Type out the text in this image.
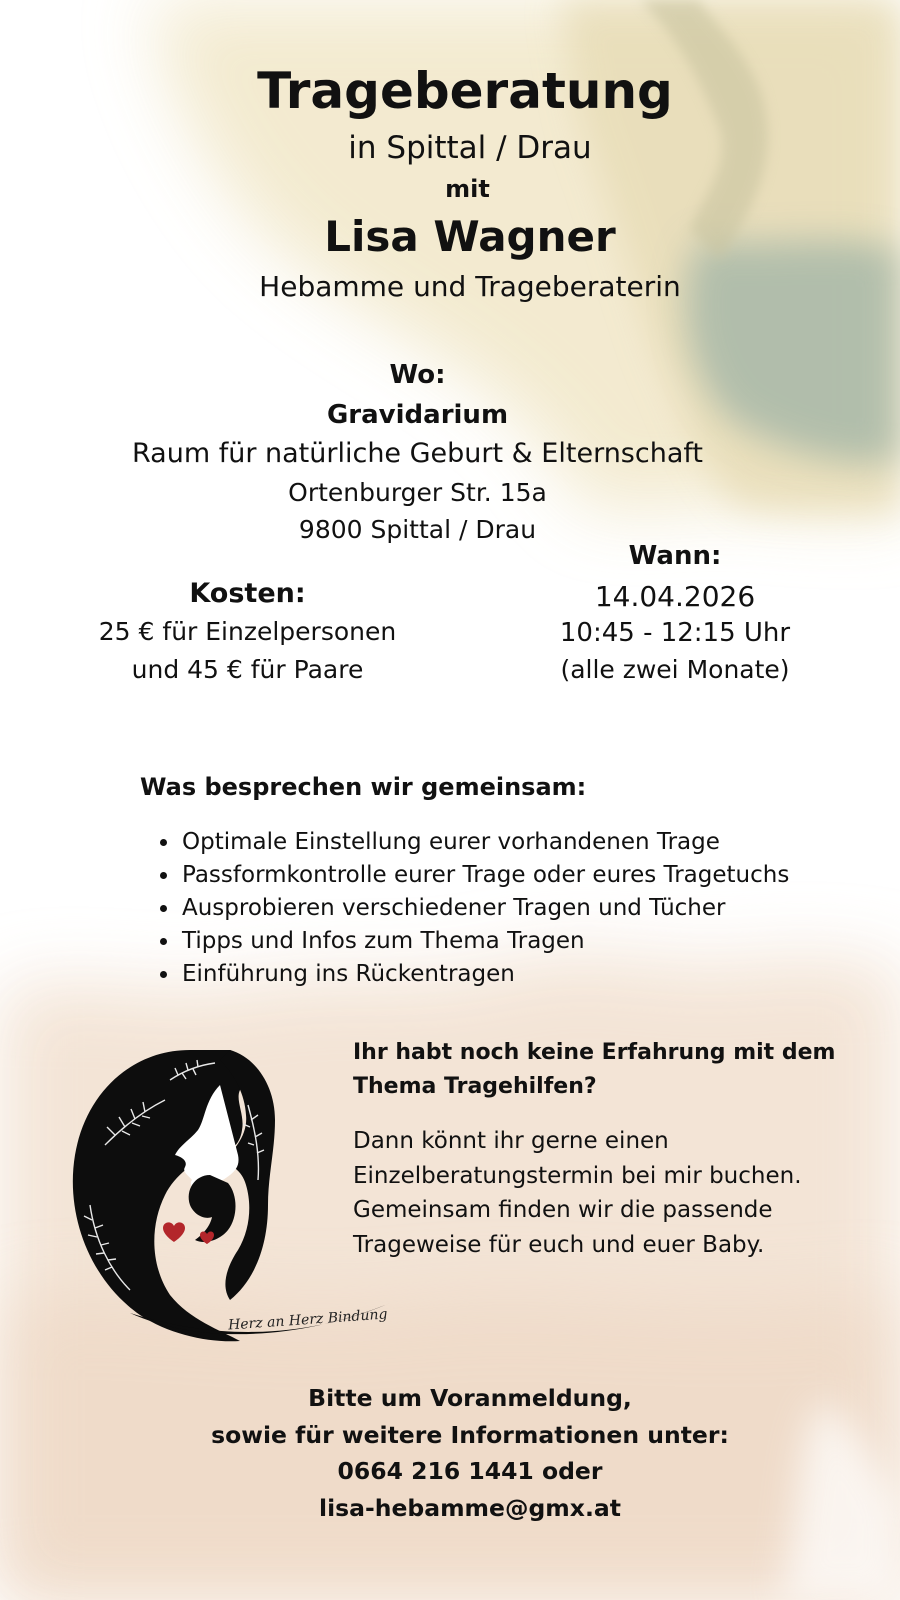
Trageberatung
in Spittal / Drau
mit
Lisa Wagner
Hebamme und Trageberaterin
Wo:
Gravidarium
Raum für natürliche Geburt & Elternschaft
Ortenburger Str. 15a
9800 Spittal / Drau
Wann:
14.04.2026
10:45 - 12:15 Uhr
(alle zwei Monate)
Kosten:
25 € für Einzelpersonen
und 45 € für Paare
Was besprechen wir gemeinsam:
Optimale Einstellung eurer vorhandenen Trage
Passformkontrolle eurer Trage oder eures Tragetuchs
Ausprobieren verschiedener Tragen und Tücher
Tipps und Infos zum Thema Tragen
Einführung ins Rückentragen
Ihr habt noch keine Erfahrung mit dem
Thema Tragehilfen?
Dann könnt ihr gerne einen
Einzelberatungstermin bei mir buchen.
Gemeinsam finden wir die passende
Trageweise für euch und euer Baby.
Herz an Herz Bindung
Bitte um Voranmeldung,
sowie für weitere Informationen unter:
0664 216 1441 oder
lisa-hebamme@gmx.at
